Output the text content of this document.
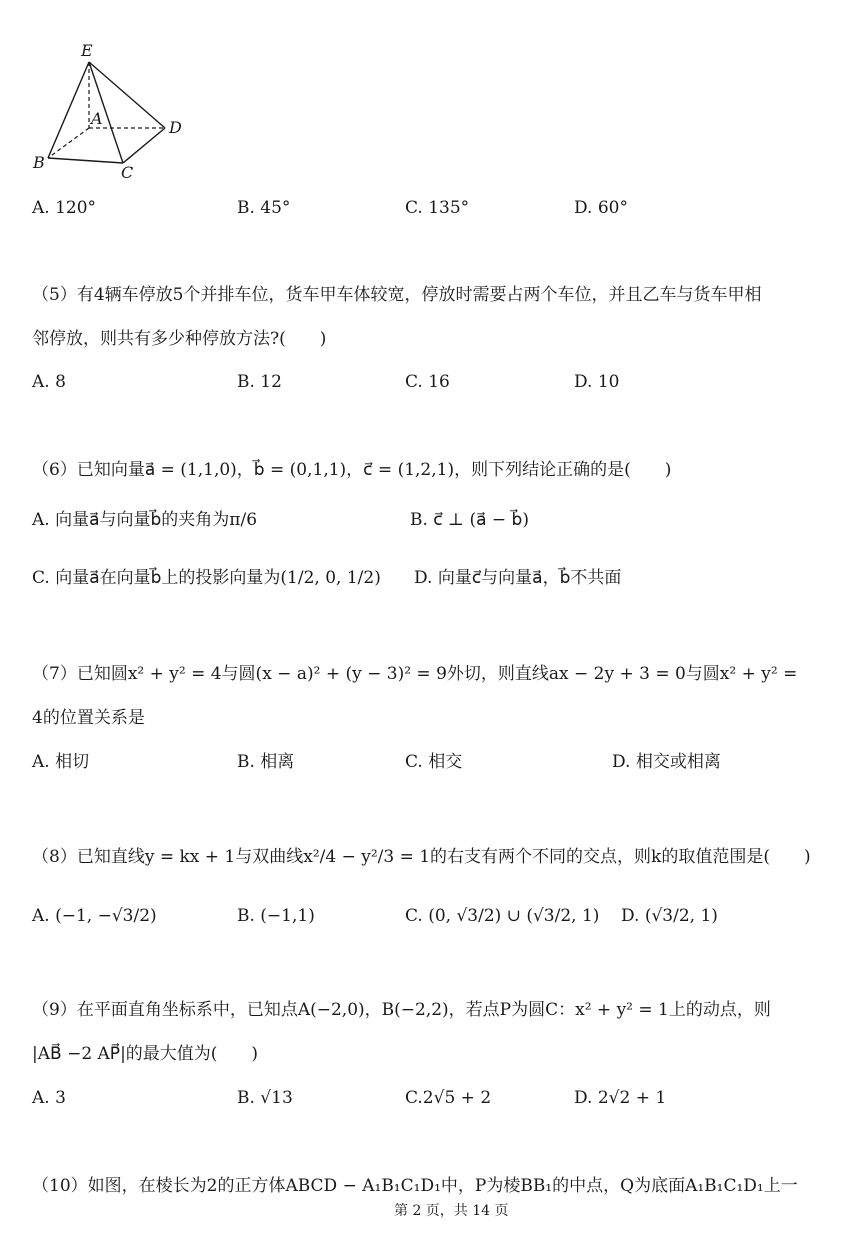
E
A	D
B
C
A. 120°	B. 45°	C. 135°	D. 60°
（5）有4辆车停放5个并排车位，货车甲车体较宽，停放时需要占两个车位，并且乙车与货车甲相
邻停放，则共有多少种停放方法?(　　)
A. 8	B. 12	C. 16	D. 10
（6）已知向量a⃗ = (1,1,0)，b⃗ = (0,1,1)，c⃗ = (1,2,1)，则下列结论正确的是(　　)
A. 向量a⃗与向量b⃗的夹角为π/6	B. c⃗ ⊥ (a⃗ − b⃗)
C. 向量a⃗在向量b⃗上的投影向量为(1/2, 0, 1/2) D. 向量c⃗与向量a⃗，b⃗不共面
（7）已知圆x² + y² = 4与圆(x − a)² + (y − 3)² = 9外切，则直线ax − 2y + 3 = 0与圆x² + y² =
4的位置关系是
A. 相切	B. 相离	C. 相交	D. 相交或相离
（8）已知直线y = kx + 1与双曲线x²/4 − y²/3 = 1的右支有两个不同的交点，则k的取值范围是(　　)
A. (−1, −√3/2)	B. (−1,1)	C. (0, √3/2) ∪ (√3/2, 1) D. (√3/2, 1)
（9）在平面直角坐标系中，已知点A(−2,0)，B(−2,2)，若点P为圆C：x² + y² = 1上的动点，则
|AB⃗ −2 AP⃗|的最大值为(　　)
A. 3	B. √13	C.2√5 + 2	D. 2√2 + 1
（10）如图，在棱长为2的正方体ABCD − A₁B₁C₁D₁中，P为棱BB₁的中点，Q为底面A₁B₁C₁D₁上一
第 2 页，共 14 页
